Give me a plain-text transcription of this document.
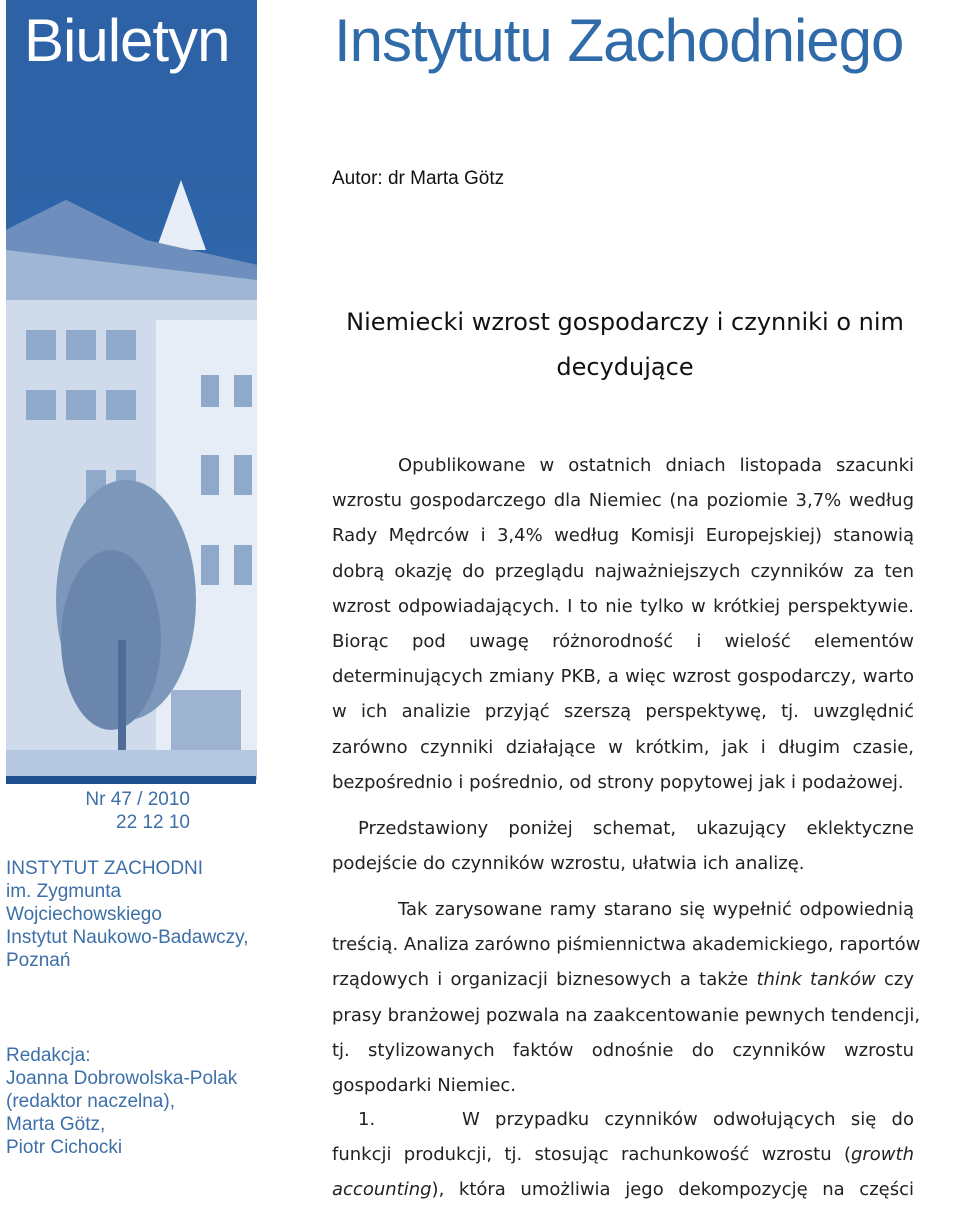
Biuletyn Instytutu Zachodniego
Nr 47 / 2010
22 12 10
INSTYTUT ZACHODNI
im. Zygmunta
Wojciechowskiego
Instytut Naukowo-Badawczy,
Poznań
Redakcja:
Joanna Dobrowolska-Polak
(redaktor naczelna),
Marta Götz,
Piotr Cichocki
Autor: dr Marta Götz
Niemiecki wzrost gospodarczy i czynniki o nim
decydujące
Opublikowane w ostatnich dniach listopada szacunki
wzrostu gospodarczego dla Niemiec (na poziomie 3,7% według
Rady Mędrców i 3,4% według Komisji Europejskiej) stanowią
dobrą okazję do przeglądu najważniejszych czynników za ten
wzrost odpowiadających. I to nie tylko w krótkiej perspektywie.
Biorąc pod uwagę różnorodność i wielość elementów
determinujących zmiany PKB, a więc wzrost gospodarczy, warto
w ich analizie przyjąć szerszą perspektywę, tj. uwzględnić
zarówno czynniki działające w krótkim, jak i długim czasie,
bezpośrednio i pośrednio, od strony popytowej jak i podażowej.
Przedstawiony poniżej schemat, ukazujący eklektyczne
podejście do czynników wzrostu, ułatwia ich analizę.
Tak zarysowane ramy starano się wypełnić odpowiednią
treścią. Analiza zarówno piśmiennictwa akademickiego, raportów
rządowych i organizacji biznesowych a także think tanków czy
prasy branżowej pozwala na zaakcentowanie pewnych tendencji,
tj. stylizowanych faktów odnośnie do czynników wzrostu
gospodarki Niemiec.
1.	W przypadku czynników odwołujących się do
funkcji produkcji, tj. stosując rachunkowość wzrostu (growth
accounting), która umożliwia jego dekompozycję na części
